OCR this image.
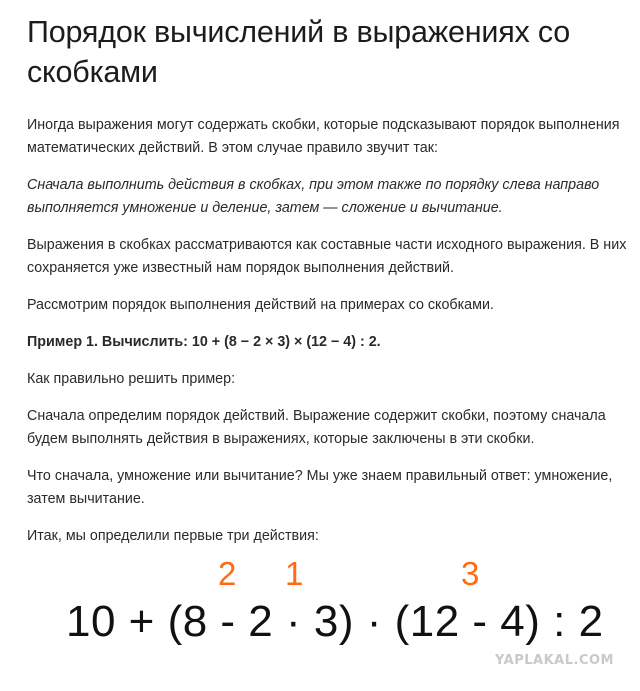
Порядок вычислений в выражениях со скобками

Иногда выражения могут содержать скобки, которые подсказывают порядок выполнения математических действий. В этом случае правило звучит так:

Сначала выполнить действия в скобках, при этом также по порядку слева направо выполняется умножение и деление, затем — сложение и вычитание.

Выражения в скобках рассматриваются как составные части исходного выражения. В них сохраняется уже известный нам порядок выполнения действий.

Рассмотрим порядок выполнения действий на примерах со скобками.

Пример 1. Вычислить: 10 + (8 − 2 × 3) × (12 − 4) : 2.

Как правильно решить пример:

Сначала определим порядок действий. Выражение содержит скобки, поэтому сначала будем выполнять действия в выражениях, которые заключены в эти скобки.

Что сначала, умножение или вычитание? Мы уже знаем правильный ответ: умножение, затем вычитание.

Итак, мы определили первые три действия:

2 1	3
10 + (8 - 2 · 3) · (12 - 4) : 2
YAPLAKAL.COM
